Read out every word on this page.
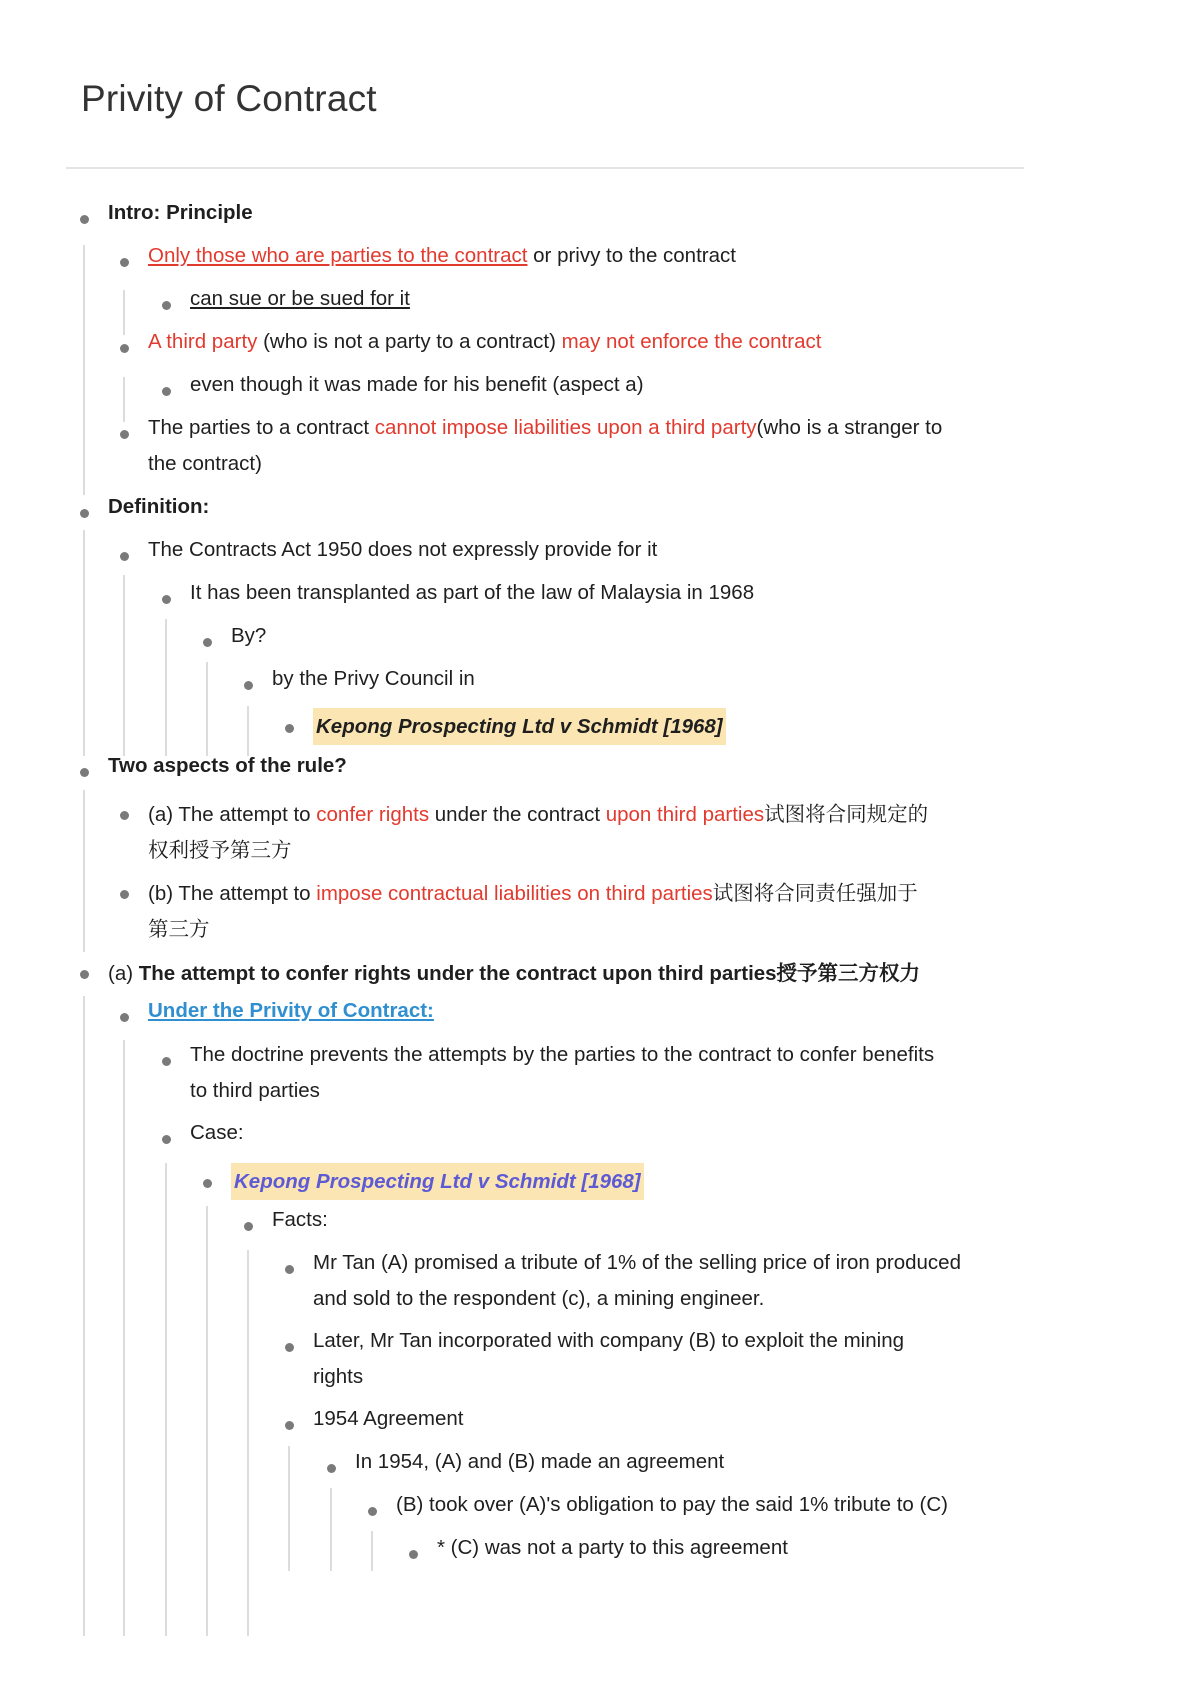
Privity of Contract
Intro: Principle
Only those who are parties to the contract or privy to the contract
can sue or be sued for it
A third party (who is not a party to a contract) may not enforce the contract
even though it was made for his benefit (aspect a)
The parties to a contract cannot impose liabilities upon a third party(who is a stranger to
the contract)
Definition:
The Contracts Act 1950 does not expressly provide for it
It has been transplanted as part of the law of Malaysia in 1968
By?
by the Privy Council in
Kepong Prospecting Ltd v Schmidt [1968]
Two aspects of the rule?
(a) The attempt to confer rights under the contract upon third parties试图将合同规定的
权利授予第三方
(b) The attempt to impose contractual liabilities on third parties试图将合同责任强加于
第三方
(a) The attempt to confer rights under the contract upon third parties授予第三方权力
Under the Privity of Contract:
The doctrine prevents the attempts by the parties to the contract to confer benefits
to third parties
Case:
Kepong Prospecting Ltd v Schmidt [1968]
Facts:
Mr Tan (A) promised a tribute of 1% of the selling price of iron produced
and sold to the respondent (c), a mining engineer.
Later, Mr Tan incorporated with company (B) to exploit the mining
rights
1954 Agreement
In 1954, (A) and (B) made an agreement
(B) took over (A)'s obligation to pay the said 1% tribute to (C)
* (C) was not a party to this agreement
